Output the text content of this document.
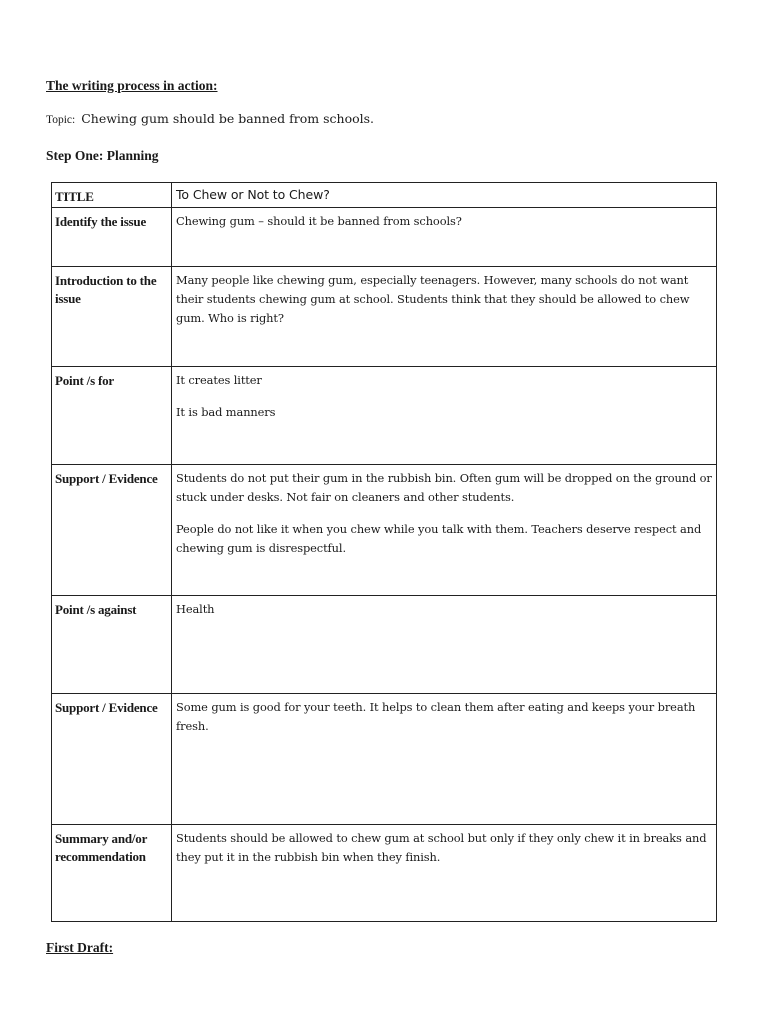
The writing process in action:
Topic: Chewing gum should be banned from schools.
Step One: Planning
TITLE	To Chew or Not to Chew?

Identify the issue	Chewing gum – should it be banned from schools?

Introduction to the issue	Many people like chewing gum, especially teenagers. However, many schools do not want their students chewing gum at school. Students think that they should be allowed to chew gum. Who is right?

Point /s for	It creates litter

It is bad manners

Support / Evidence	Students do not put their gum in the rubbish bin. Often gum will be dropped on the ground or stuck under desks. Not fair on cleaners and other students.

People do not like it when you chew while you talk with them. Teachers deserve respect and chewing gum is disrespectful.

Point /s against	Health

Support / Evidence	Some gum is good for your teeth. It helps to clean them after eating and keeps your breath fresh.

Summary and/or recommendation	Students should be allowed to chew gum at school but only if they only chew it in breaks and they put it in the rubbish bin when they finish.

First Draft:
